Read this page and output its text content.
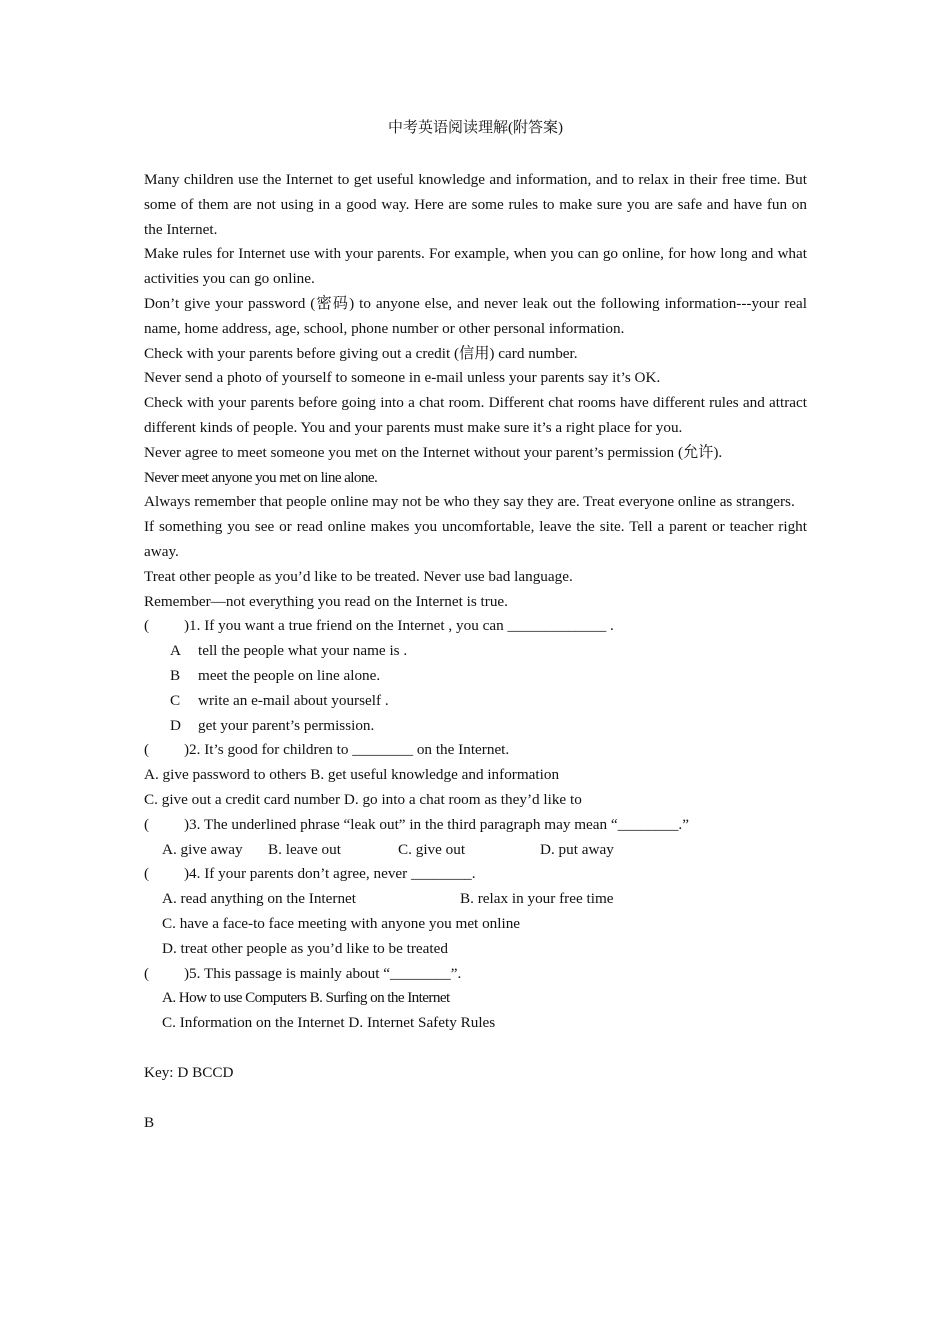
中考英语阅读理解(附答案)

Many children use the Internet to get useful knowledge and information, and to relax in their free time. But some of them are not using in a good way. Here are some rules to make sure you are safe and have fun on the Internet.

Make rules for Internet use with your parents. For example, when you can go online, for how long and what activities you can go online.

Don’t give your password (密码) to anyone else, and never leak out the following information---your real name, home address, age, school, phone number or other personal information.

Check with your parents before giving out a credit (信用) card number.

Never send a photo of yourself to someone in e-mail unless your parents say it’s OK.

Check with your parents before going into a chat room. Different chat rooms have different rules and attract different kinds of people. You and your parents must make sure it’s a right place for you.

Never agree to meet someone you met on the Internet without your parent’s permission (允许).

Never meet anyone you met on line alone.

Always remember that people online may not be who they say they are. Treat everyone online as strangers.

If something you see or read online makes you uncomfortable, leave the site. Tell a parent or teacher right away.

Treat other people as you’d like to be treated. Never use bad language.

Remember—not everything you read on the Internet is true.

( )1. If you want a true friend on the Internet , you can _____________ .

A tell the people what your name is .

B meet the people on line alone.

C write an e-mail about yourself .

D get your parent’s permission.

( )2. It’s good for children to ________ on the Internet.

A. give password to others B. get useful knowledge and information

C. give out a credit card number D. go into a chat room as they’d like to

( )3. The underlined phrase “leak out” in the third paragraph may mean “________.”

A. give away B. leave out	C. give out	D. put away

( )4. If your parents don’t agree, never ________.

A. read anything on the Internet	B. relax in your free time

C. have a face-to face meeting with anyone you met online

D. treat other people as you’d like to be treated

( )5. This passage is mainly about “________”.

A. How to use Computers B. Surfing on the Internet

C. Information on the Internet D. Internet Safety Rules

Key: D BCCD

B
